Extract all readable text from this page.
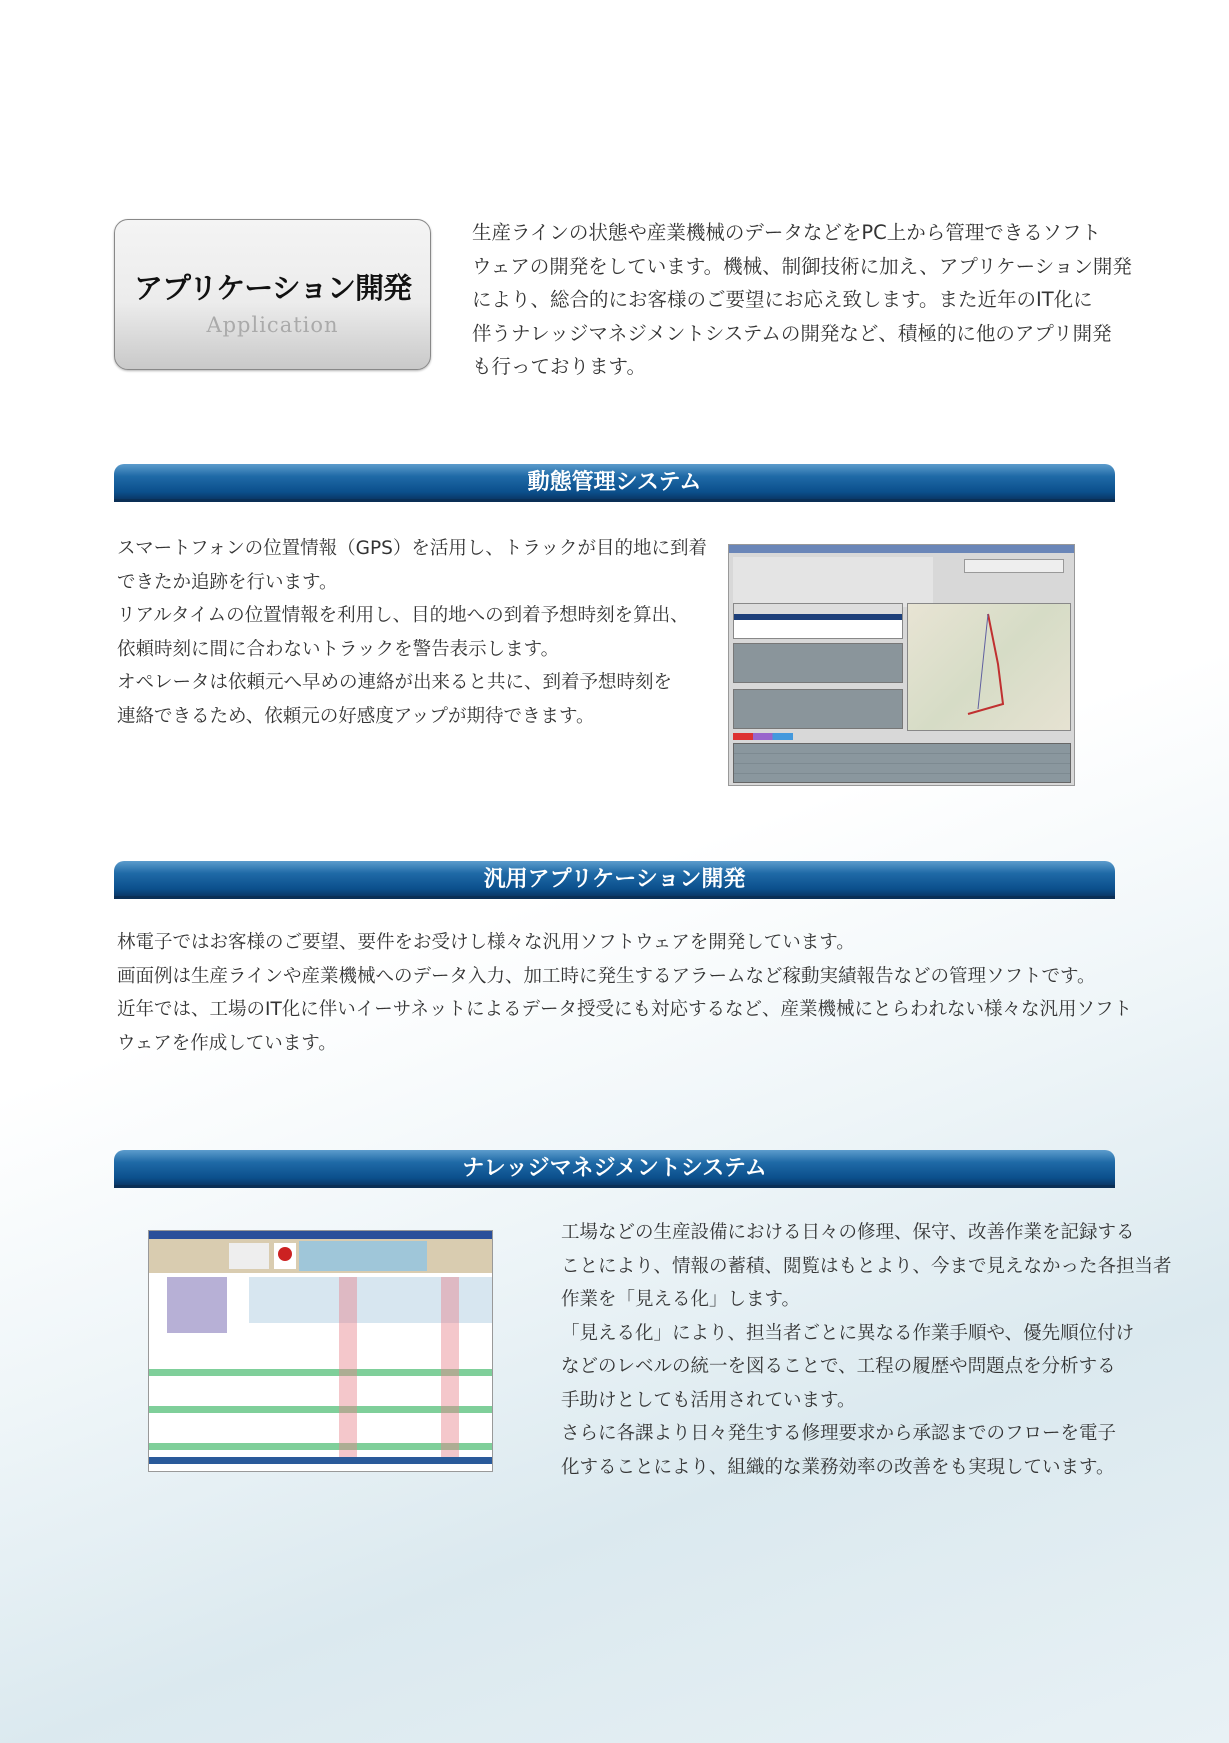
アプリケーション開発
Application
生産ラインの状態や産業機械のデータなどをPC上から管理できるソフト
ウェアの開発をしています。機械、制御技術に加え、アプリケーション開発
により、総合的にお客様のご要望にお応え致します。また近年のIT化に
伴うナレッジマネジメントシステムの開発など、積極的に他のアプリ開発
も行っております。
動態管理システム
スマートフォンの位置情報（GPS）を活用し、トラックが目的地に到着
できたか追跡を行います。
リアルタイムの位置情報を利用し、目的地への到着予想時刻を算出、
依頼時刻に間に合わないトラックを警告表示します。
オペレータは依頼元へ早めの連絡が出来ると共に、到着予想時刻を
連絡できるため、依頼元の好感度アップが期待できます。
汎用アプリケーション開発
林電子ではお客様のご要望、要件をお受けし様々な汎用ソフトウェアを開発しています。
画面例は生産ラインや産業機械へのデータ入力、加工時に発生するアラームなど稼動実績報告などの管理ソフトです。
近年では、工場のIT化に伴いイーサネットによるデータ授受にも対応するなど、産業機械にとらわれない様々な汎用ソフト
ウェアを作成しています。
ナレッジマネジメントシステム
工場などの生産設備における日々の修理、保守、改善作業を記録する
ことにより、情報の蓄積、閲覧はもとより、今まで見えなかった各担当者
作業を「見える化」します。
「見える化」により、担当者ごとに異なる作業手順や、優先順位付け
などのレベルの統一を図ることで、工程の履歴や問題点を分析する
手助けとしても活用されています。
さらに各課より日々発生する修理要求から承認までのフローを電子
化することにより、組織的な業務効率の改善をも実現しています。
